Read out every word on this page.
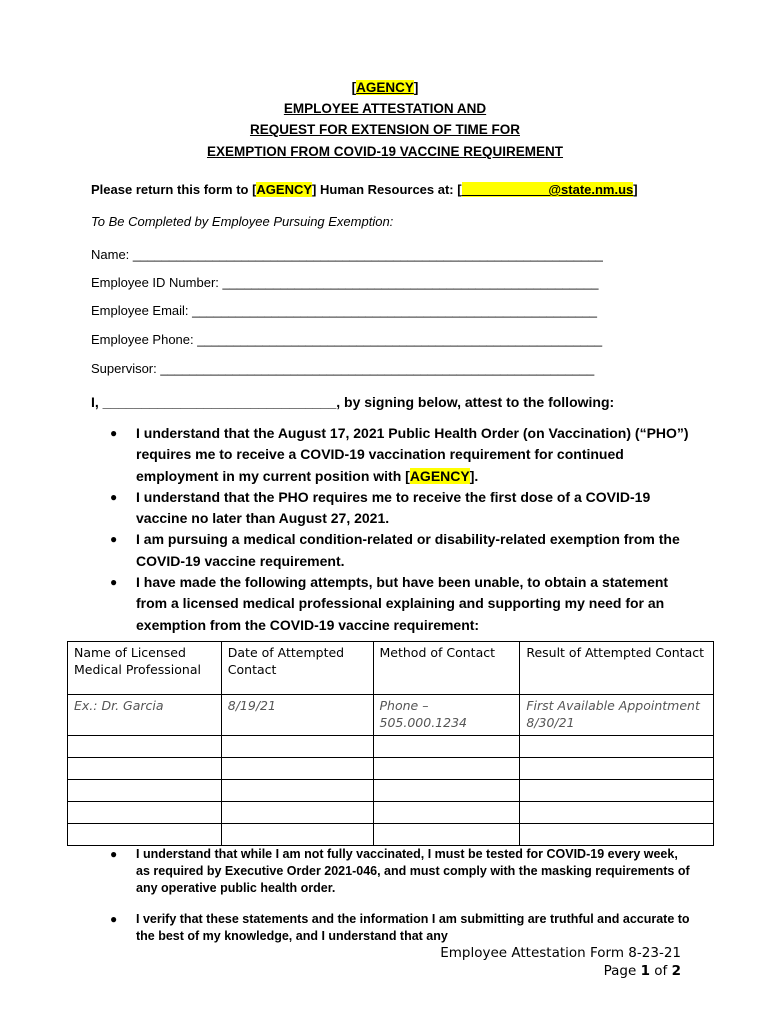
[AGENCY]
EMPLOYEE ATTESTATION AND
REQUEST FOR EXTENSION OF TIME FOR
EXEMPTION FROM COVID-19 VACCINE REQUIREMENT
Please return this form to [AGENCY] Human Resources at: [____________@state.nm.us]
To Be Completed by Employee Pursuing Exemption:
Name: _________________________________________________________________
Employee ID Number: ____________________________________________________
Employee Email: ________________________________________________________
Employee Phone: ________________________________________________________
Supervisor: ____________________________________________________________
I, ______________________________, by signing below, attest to the following:
● I understand that the August 17, 2021 Public Health Order (on Vaccination) (“PHO”) requires me to receive a COVID-19 vaccination requirement for continued employment in my current position with [AGENCY].
● I understand that the PHO requires me to receive the first dose of a COVID-19 vaccine no later than August 27, 2021.
● I am pursuing a medical condition-related or disability-related exemption from the COVID-19 vaccine requirement.
● I have made the following attempts, but have been unable, to obtain a statement from a licensed medical professional explaining and supporting my need for an exemption from the COVID-19 vaccine requirement:
Name of Licensed Medical Professional	Date of Attempted Contact	Method of Contact	Result of Attempted Contact
Ex.: Dr. Garcia	8/19/21	Phone – 505.000.1234	First Available Appointment 8/30/21

● I understand that while I am not fully vaccinated, I must be tested for COVID-19 every week, as required by Executive Order 2021-046, and must comply with the masking requirements of any operative public health order.
● I verify that these statements and the information I am submitting are truthful and accurate to the best of my knowledge, and I understand that any
Employee Attestation Form 8-23-21
Page 1 of 2
